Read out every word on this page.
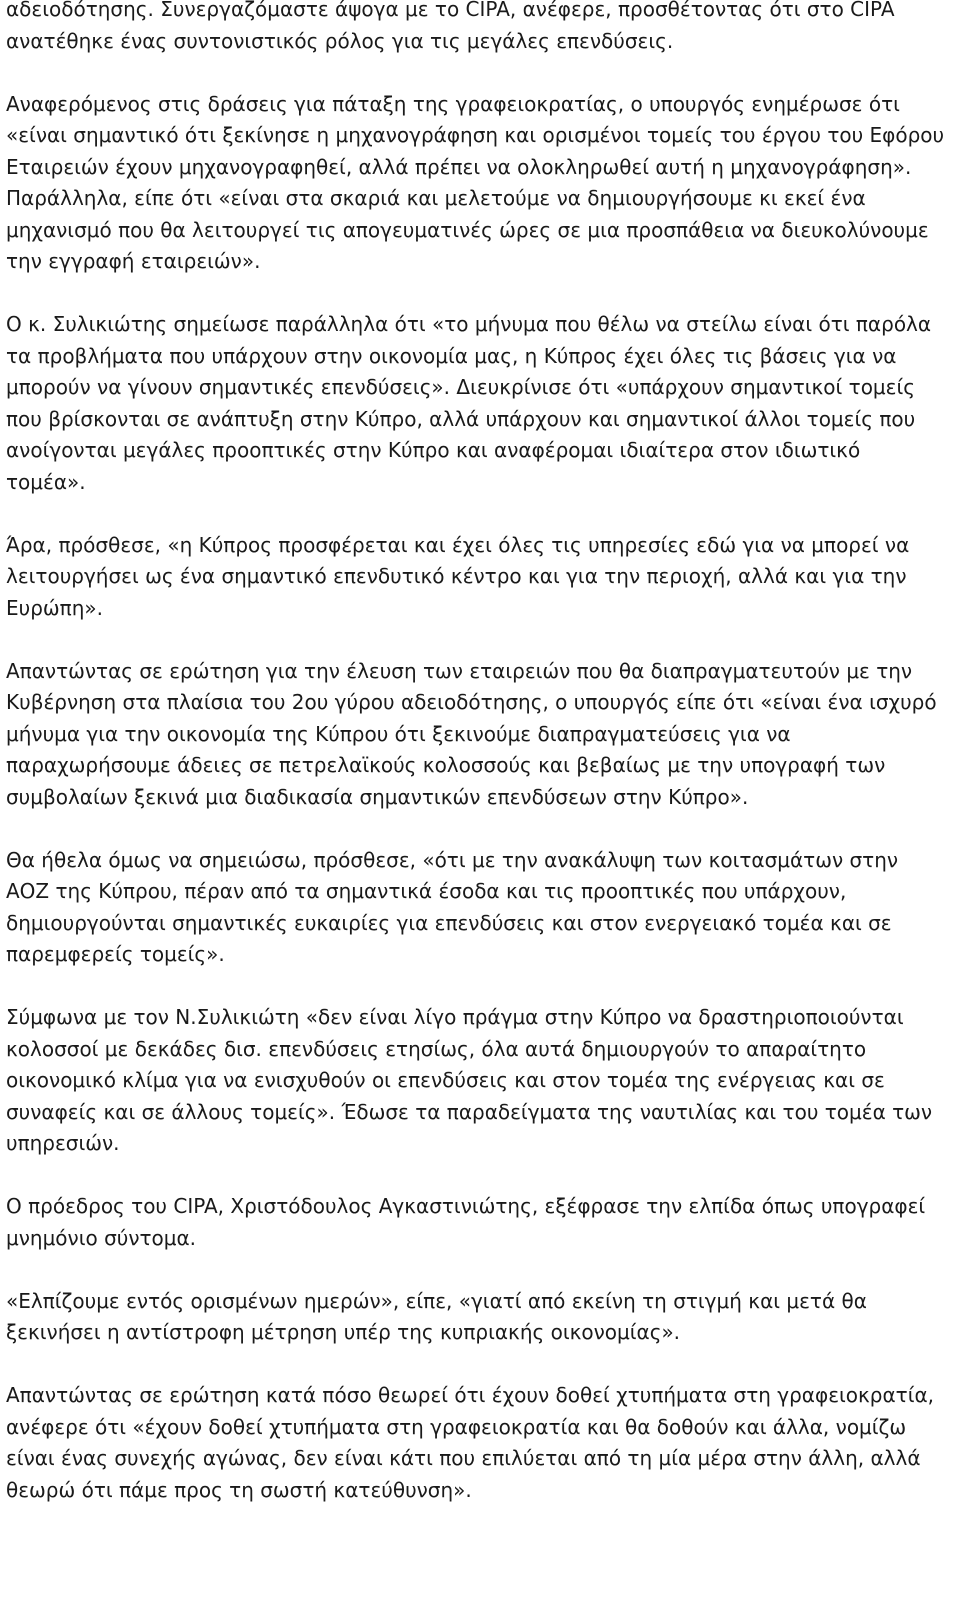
αδειοδότησης. Συνεργαζόμαστε άψογα με το CIPA, ανέφερε, προσθέτοντας ότι στο CIPA ανατέθηκε ένας συντονιστικός ρόλος για τις μεγάλες επενδύσεις.

Αναφερόμενος στις δράσεις για πάταξη της γραφειοκρατίας, ο υπουργός ενημέρωσε ότι «είναι σημαντικό ότι ξεκίνησε η μηχανογράφηση και ορισμένοι τομείς του έργου του Εφόρου Εταιρειών έχουν μηχανογραφηθεί, αλλά πρέπει να ολοκληρωθεί αυτή η μηχανογράφηση». Παράλληλα, είπε ότι «είναι στα σκαριά και μελετούμε να δημιουργήσουμε κι εκεί ένα μηχανισμό που θα λειτουργεί τις απογευματινές ώρες σε μια προσπάθεια να διευκολύνουμε την εγγραφή εταιρειών».

Ο κ. Συλικιώτης σημείωσε παράλληλα ότι «το μήνυμα που θέλω να στείλω είναι ότι παρόλα τα προβλήματα που υπάρχουν στην οικονομία μας, η Κύπρος έχει όλες τις βάσεις για να μπορούν να γίνουν σημαντικές επενδύσεις». Διευκρίνισε ότι «υπάρχουν σημαντικοί τομείς που βρίσκονται σε ανάπτυξη στην Κύπρο, αλλά υπάρχουν και σημαντικοί άλλοι τομείς που ανοίγονται μεγάλες προοπτικές στην Κύπρο και αναφέρομαι ιδιαίτερα στον ιδιωτικό τομέα».

Άρα, πρόσθεσε, «η Κύπρος προσφέρεται και έχει όλες τις υπηρεσίες εδώ για να μπορεί να λειτουργήσει ως ένα σημαντικό επενδυτικό κέντρο και για την περιοχή, αλλά και για την Ευρώπη».

Απαντώντας σε ερώτηση για την έλευση των εταιρειών που θα διαπραγματευτούν με την Κυβέρνηση στα πλαίσια του 2ου γύρου αδειοδότησης, ο υπουργός είπε ότι «είναι ένα ισχυρό μήνυμα για την οικονομία της Κύπρου ότι ξεκινούμε διαπραγματεύσεις για να παραχωρήσουμε άδειες σε πετρελαϊκούς κολοσσούς και βεβαίως με την υπογραφή των συμβολαίων ξεκινά μια διαδικασία σημαντικών επενδύσεων στην Κύπρο».

Θα ήθελα όμως να σημειώσω, πρόσθεσε, «ότι με την ανακάλυψη των κοιτασμάτων στην ΑΟΖ της Κύπρου, πέραν από τα σημαντικά έσοδα και τις προοπτικές που υπάρχουν, δημιουργούνται σημαντικές ευκαιρίες για επενδύσεις και στον ενεργειακό τομέα και σε παρεμφερείς τομείς».

Σύμφωνα με τον Ν.Συλικιώτη «δεν είναι λίγο πράγμα στην Κύπρο να δραστηριοποιούνται κολοσσοί με δεκάδες δισ. επενδύσεις ετησίως, όλα αυτά δημιουργούν το απαραίτητο οικονομικό κλίμα για να ενισχυθούν οι επενδύσεις και στον τομέα της ενέργειας και σε συναφείς και σε άλλους τομείς». Έδωσε τα παραδείγματα της ναυτιλίας και του τομέα των υπηρεσιών.

Ο πρόεδρος του CIPA, Χριστόδουλος Αγκαστινιώτης, εξέφρασε την ελπίδα όπως υπογραφεί μνημόνιο σύντομα.

«Ελπίζουμε εντός ορισμένων ημερών», είπε, «γιατί από εκείνη τη στιγμή και μετά θα ξεκινήσει η αντίστροφη μέτρηση υπέρ της κυπριακής οικονομίας».

Απαντώντας σε ερώτηση κατά πόσο θεωρεί ότι έχουν δοθεί χτυπήματα στη γραφειοκρατία, ανέφερε ότι «έχουν δοθεί χτυπήματα στη γραφειοκρατία και θα δοθούν και άλλα, νομίζω είναι ένας συνεχής αγώνας, δεν είναι κάτι που επιλύεται από τη μία μέρα στην άλλη, αλλά θεωρώ ότι πάμε προς τη σωστή κατεύθυνση».
